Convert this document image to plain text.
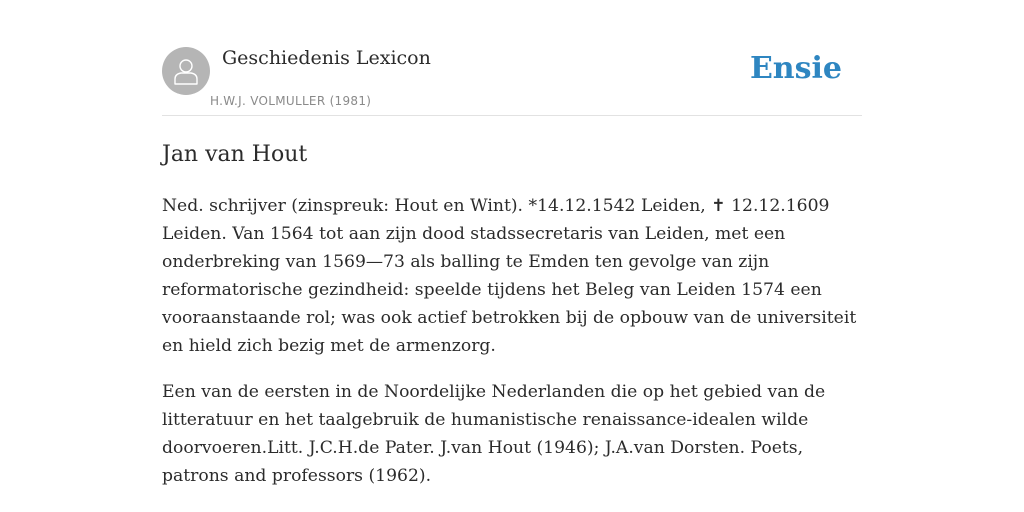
Geschiedenis Lexicon
H.W.J. VOLMULLER (1981)
Ensie
Jan van Hout

Ned. schrijver (zinspreuk: Hout en Wint). *14.12.1542 Leiden, ✝ 12.12.1609 Leiden. Van 1564 tot aan zijn dood stadssecretaris van Leiden, met een onderbreking van 1569—73 als balling te Emden ten gevolge van zijn reformatorische gezindheid: speelde tijdens het Beleg van Leiden 1574 een vooraanstaande rol; was ook actief betrokken bij de opbouw van de universiteit en hield zich bezig met de armenzorg.

Een van de eersten in de Noordelijke Nederlanden die op het gebied van de litteratuur en het taalgebruik de humanistische renaissance-idealen wilde doorvoeren.Litt. J.C.H.de Pater. J.van Hout (1946); J.A.van Dorsten. Poets, patrons and professors (1962).
